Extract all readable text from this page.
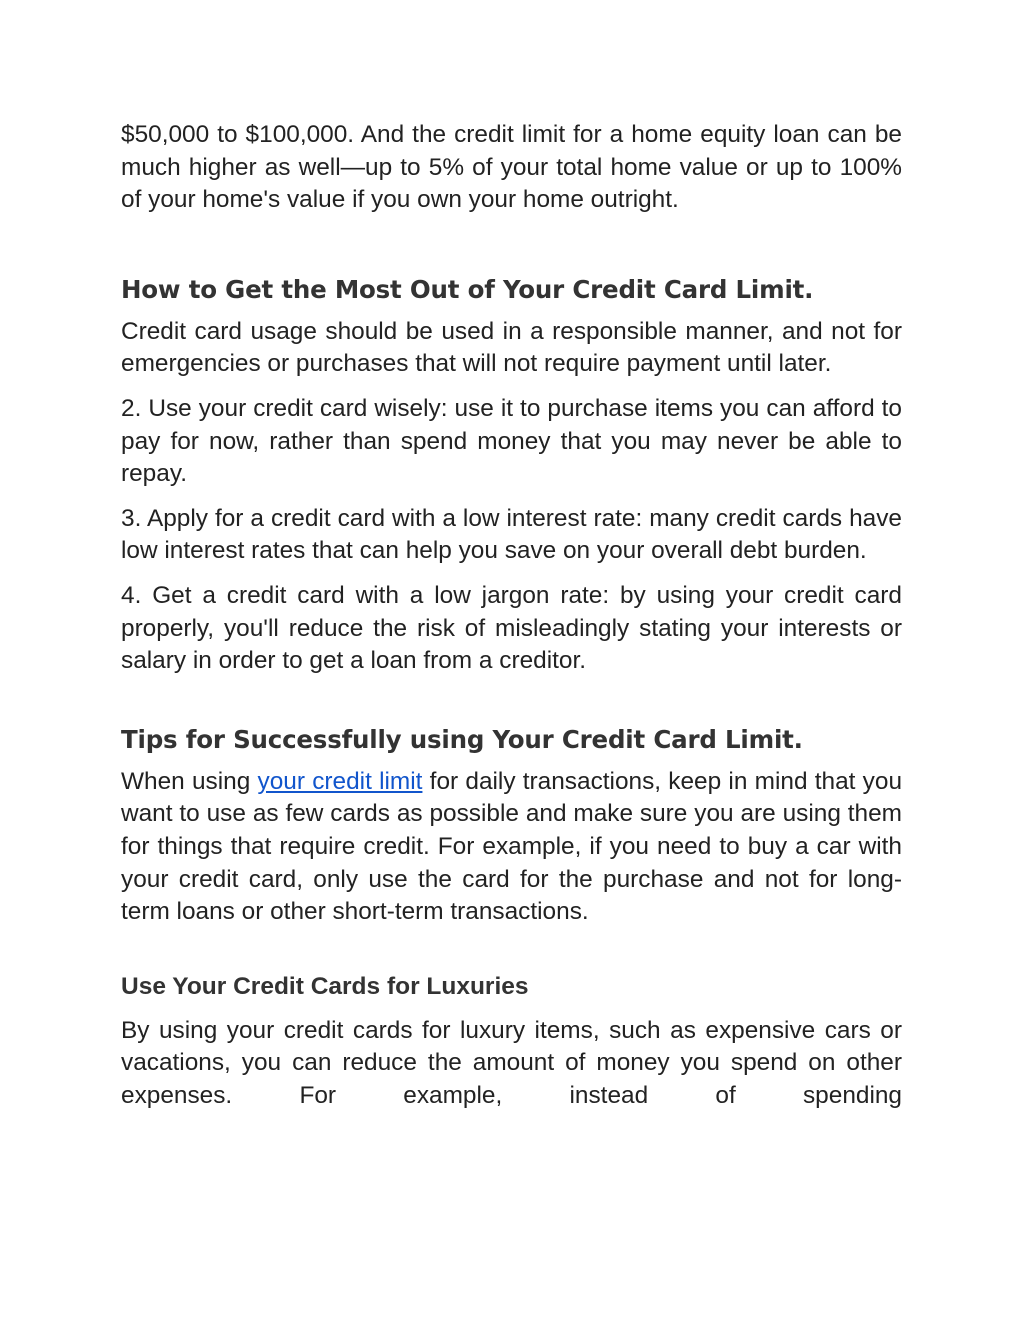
$50,000 to $100,000. And the credit limit for a home equity loan can be much higher as well—up to 5% of your total home value or up to 100% of your home's value if you own your home outright.

How to Get the Most Out of Your Credit Card Limit.

Credit card usage should be used in a responsible manner, and not for emergencies or purchases that will not require payment until later.

2. Use your credit card wisely: use it to purchase items you can afford to pay for now, rather than spend money that you may never be able to repay.

3. Apply for a credit card with a low interest rate: many credit cards have low interest rates that can help you save on your overall debt burden.

4. Get a credit card with a low jargon rate: by using your credit card properly, you'll reduce the risk of misleadingly stating your interests or salary in order to get a loan from a creditor.

Tips for Successfully using Your Credit Card Limit.

When using your credit limit for daily transactions, keep in mind that you want to use as few cards as possible and make sure you are using them for things that require credit. For example, if you need to buy a car with your credit card, only use the card for the purchase and not for long-term loans or other short-term transactions.

Use Your Credit Cards for Luxuries

By using your credit cards for luxury items, such as expensive cars or vacations, you can reduce the amount of money you spend on other expenses. For example, instead of spending
